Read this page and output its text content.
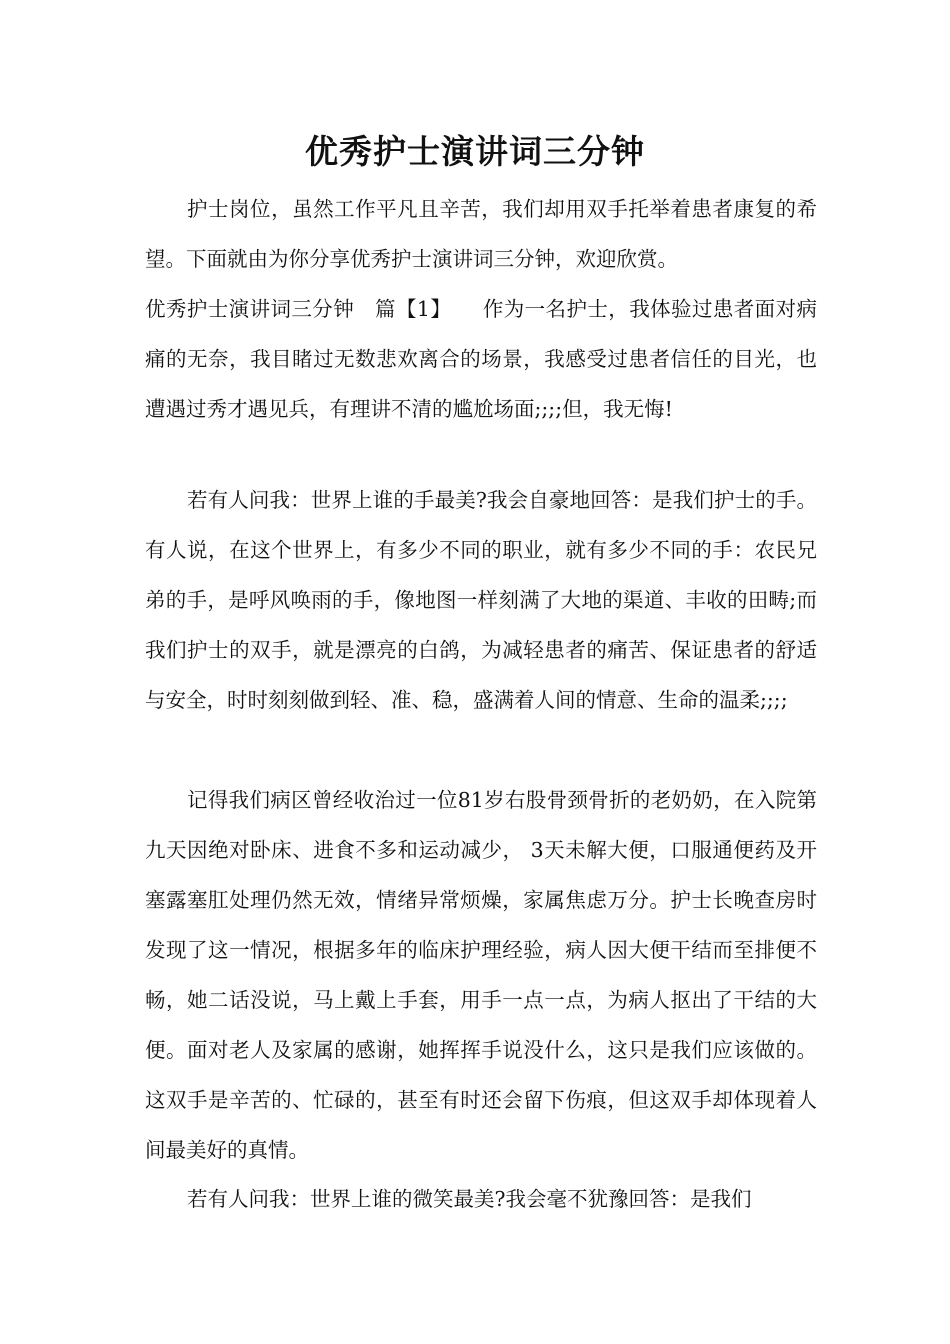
优秀护士演讲词三分钟

护士岗位，虽然工作平凡且辛苦，我们却用双手托举着患者康复的希望。下面就由为你分享优秀护士演讲词三分钟，欢迎欣赏。

优秀护士演讲词三分钟　篇【1】　　作为一名护士，我体验过患者面对病痛的无奈，我目睹过无数悲欢离合的场景，我感受过患者信任的目光，也遭遇过秀才遇见兵，有理讲不清的尴尬场面;;;;但，我无悔!

若有人问我：世界上谁的手最美?我会自豪地回答：是我们护士的手。有人说，在这个世界上，有多少不同的职业，就有多少不同的手：农民兄弟的手，是呼风唤雨的手，像地图一样刻满了大地的渠道、丰收的田畴;而我们护士的双手，就是漂亮的白鸽，为减轻患者的痛苦、保证患者的舒适与安全，时时刻刻做到轻、准、稳，盛满着人间的情意、生命的温柔;;;;

记得我们病区曾经收治过一位81岁右股骨颈骨折的老奶奶，在入院第九天因绝对卧床、进食不多和运动减少， 3天未解大便，口服通便药及开塞露塞肛处理仍然无效，情绪异常烦燥，家属焦虑万分。护士长晚查房时发现了这一情况，根据多年的临床护理经验，病人因大便干结而至排便不畅，她二话没说，马上戴上手套，用手一点一点，为病人抠出了干结的大便。面对老人及家属的感谢，她挥挥手说没什么，这只是我们应该做的。这双手是辛苦的、忙碌的，甚至有时还会留下伤痕，但这双手却体现着人间最美好的真情。

若有人问我：世界上谁的微笑最美?我会毫不犹豫回答：是我们
